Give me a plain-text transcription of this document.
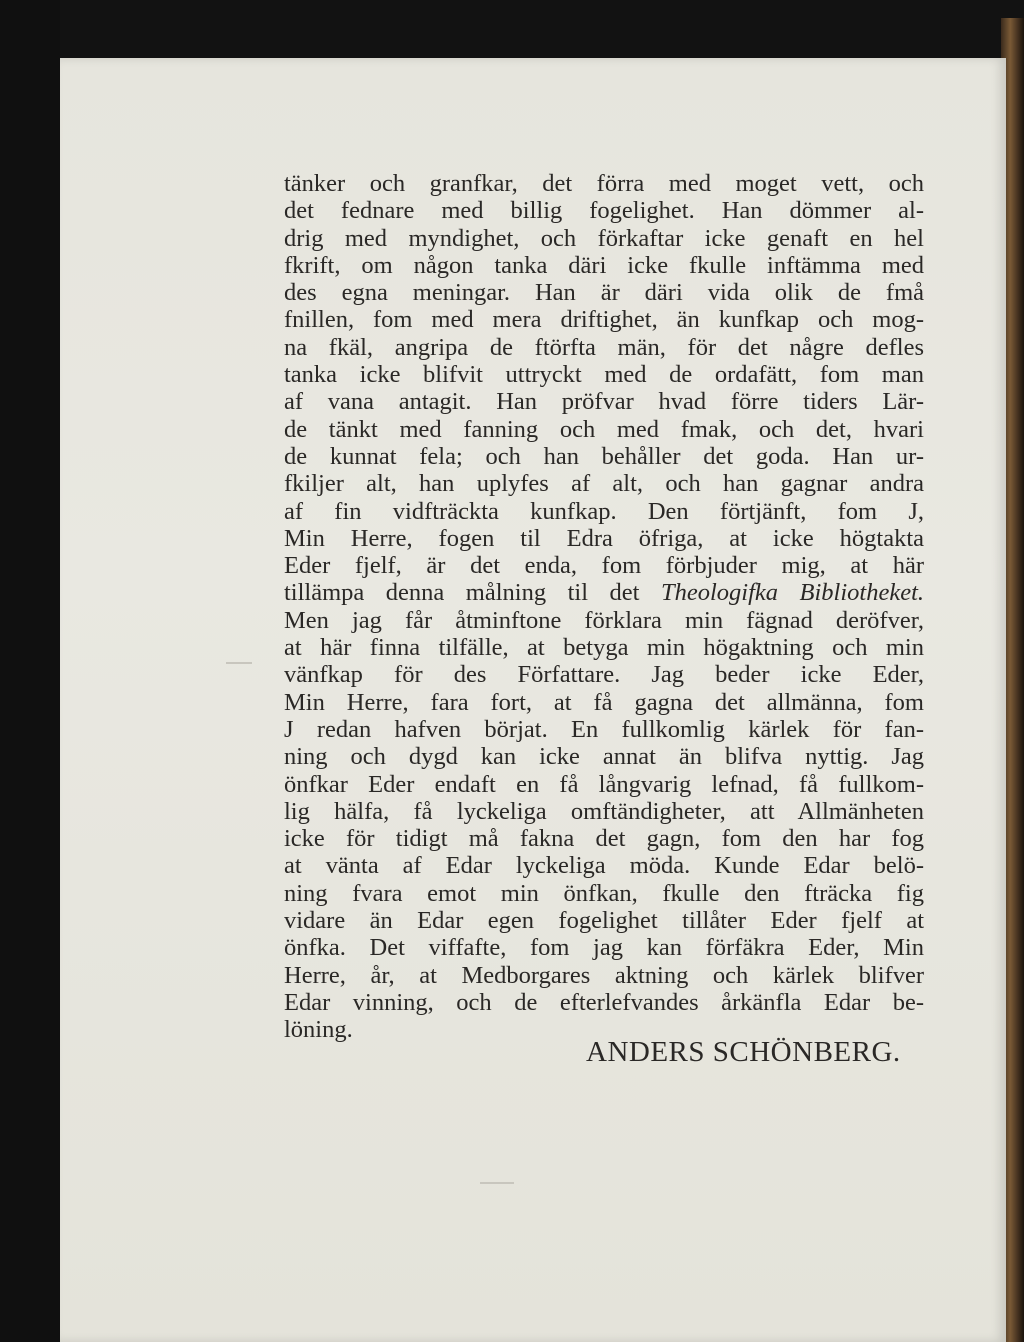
tänker och granfkar, det förra med moget vett, och
det fednare med billig fogelighet. Han dömmer al-
drig med myndighet, och förkaftar icke genaft en hel
fkrift, om någon tanka däri icke fkulle inftämma med
des egna meningar. Han är däri vida olik de fmå
fnillen, fom med mera driftighet, än kunfkap och mog-
na fkäl, angripa de ftörfta män, för det någre defles
tanka icke blifvit uttryckt med de ordafätt, fom man
af vana antagit. Han pröfvar hvad förre tiders Lär-
de tänkt med fanning och med fmak, och det, hvari
de kunnat fela; och han behåller det goda. Han ur-
fkiljer alt, han uplyfes af alt, och han gagnar andra
af fin vidfträckta kunfkap. Den förtjänft, fom J,
Min Herre, fogen til Edra öfriga, at icke högtakta
Eder fjelf, är det enda, fom förbjuder mig, at här
tillämpa denna målning til det Theologifka Bibliotheket.
Men jag får åtminftone förklara min fägnad deröfver,
at här finna tilfälle, at betyga min högaktning och min
vänfkap för des Författare. Jag beder icke Eder,
Min Herre, fara fort, at få gagna det allmänna, fom
J redan hafven börjat. En fullkomlig kärlek för fan-
ning och dygd kan icke annat än blifva nyttig. Jag
önfkar Eder endaft en få långvarig lefnad, få fullkom-
lig hälfa, få lyckeliga omftändigheter, att Allmänheten
icke för tidigt må fakna det gagn, fom den har fog
at vänta af Edar lyckeliga möda. Kunde Edar belö-
ning fvara emot min önfkan, fkulle den fträcka fig
vidare än Edar egen fogelighet tillåter Eder fjelf at
önfka. Det viffafte, fom jag kan förfäkra Eder, Min
Herre, år, at Medborgares aktning och kärlek blifver
Edar vinning, och de efterlefvandes årkänfla Edar be-
löning.
ANDERS SCHÖNBERG.
